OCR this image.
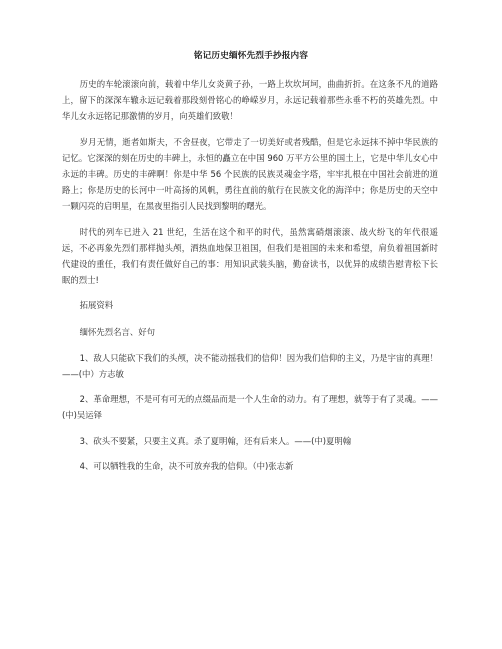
铭记历史缅怀先烈手抄报内容

历史的车轮滚滚向前，载着中华儿女炎黄子孙，一路上坎坎坷坷，曲曲折折。在这条不凡的道路上，留下的深深车辙永远记载着那段刻骨铭心的峥嵘岁月，永远记载着那些永垂不朽的英雄先烈。中华儿女永远铭记那激情的岁月，向英雄们致敬！

岁月无情，逝者如斯夫，不舍昼夜，它带走了一切美好或者残酷，但是它永远抹不掉中华民族的记忆。它深深的刻在历史的丰碑上，永恒的矗立在中国 960 万平方公里的国土上，它是中华儿女心中永远的丰碑。历史的丰碑啊！你是中华 56 个民族的民族灵魂金字塔，牢牢扎根在中国社会前进的道路上；你是历史的长河中一叶高扬的风帆，勇往直前的航行在民族文化的海洋中；你是历史的天空中一颗闪亮的启明星，在黑夜里指引人民找到黎明的曙光。

时代的列车已进入 21 世纪，生活在这个和平的时代，虽然寓硝烟滚滚、战火纷飞的年代很遥远，不必再象先烈们那样抛头颅，洒热血地保卫祖国，但我们是祖国的未来和希望，肩负着祖国新时代建设的重任，我们有责任做好自己的事：用知识武装头脑，勤奋读书，以优异的成绩告慰青松下长眠的烈士!

拓展资料

缅怀先烈名言、好句

1、敌人只能砍下我们的头颅，决不能动摇我们的信仰！因为我们信仰的主义，乃是宇宙的真理！——(中）方志敏

2、革命理想，不是可有可无的点缀品而是一个人生命的动力。有了理想，就等于有了灵魂。——(中)吴运铎

3、砍头不要紧，只要主义真。杀了夏明翰，还有后来人。——(中)夏明翰

4、可以牺牲我的生命，决不可放弃我的信仰。（中)张志新
